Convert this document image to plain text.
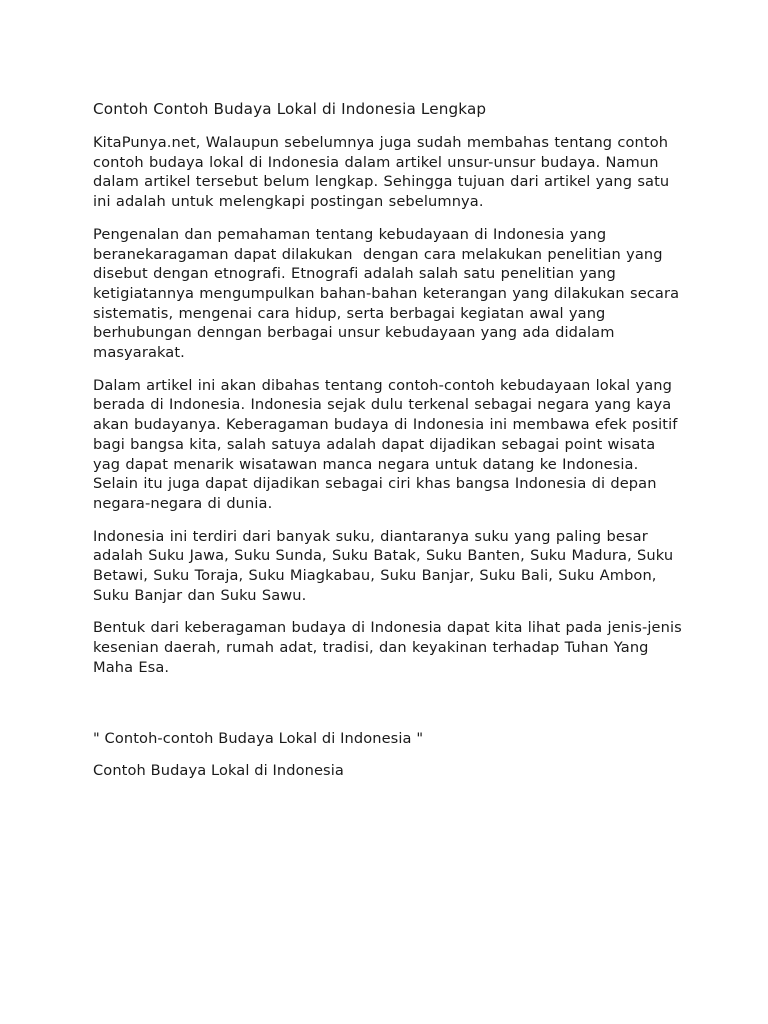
Contoh Contoh Budaya Lokal di Indonesia Lengkap

KitaPunya.net, Walaupun sebelumnya juga sudah membahas tentang contoh contoh budaya lokal di Indonesia dalam artikel unsur-unsur budaya. Namun dalam artikel tersebut belum lengkap. Sehingga tujuan dari artikel yang satu ini adalah untuk melengkapi postingan sebelumnya.

Pengenalan dan pemahaman tentang kebudayaan di Indonesia yang beranekaragaman dapat dilakukan  dengan cara melakukan penelitian yang disebut dengan etnografi. Etnografi adalah salah satu penelitian yang ketigiatannya mengumpulkan bahan-bahan keterangan yang dilakukan secara sistematis, mengenai cara hidup, serta berbagai kegiatan awal yang berhubungan denngan berbagai unsur kebudayaan yang ada didalam masyarakat.

Dalam artikel ini akan dibahas tentang contoh-contoh kebudayaan lokal yang berada di Indonesia. Indonesia sejak dulu terkenal sebagai negara yang kaya akan budayanya. Keberagaman budaya di Indonesia ini membawa efek positif bagi bangsa kita, salah satuya adalah dapat dijadikan sebagai point wisata yag dapat menarik wisatawan manca negara untuk datang ke Indonesia. Selain itu juga dapat dijadikan sebagai ciri khas bangsa Indonesia di depan negara-negara di dunia.

Indonesia ini terdiri dari banyak suku, diantaranya suku yang paling besar adalah Suku Jawa, Suku Sunda, Suku Batak, Suku Banten, Suku Madura, Suku Betawi, Suku Toraja, Suku Miagkabau, Suku Banjar, Suku Bali, Suku Ambon, Suku Banjar dan Suku Sawu.

Bentuk dari keberagaman budaya di Indonesia dapat kita lihat pada jenis-jenis kesenian daerah, rumah adat, tradisi, dan keyakinan terhadap Tuhan Yang Maha Esa.

" Contoh-contoh Budaya Lokal di Indonesia "

Contoh Budaya Lokal di Indonesia
